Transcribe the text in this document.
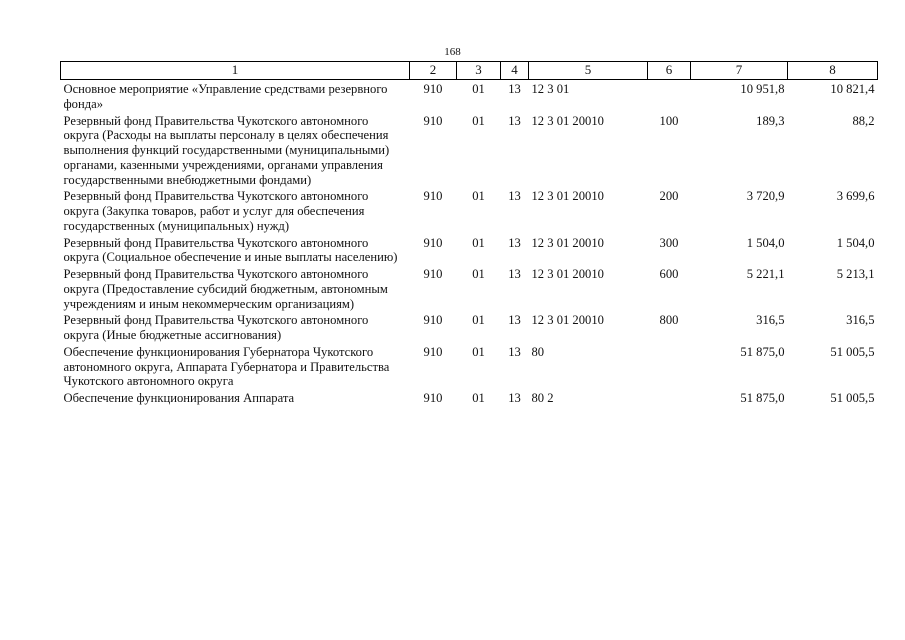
168
1	2	3	4	5	6	7	8
Основное мероприятие «Управление средствами резервного фонда»	910	01	13	12 3 01		10 951,8	10 821,4
Резервный фонд Правительства Чукотского автономного округа (Расходы на выплаты персоналу в целях обеспечения выполнения функций государственными (муниципальными) органами, казенными учреждениями, органами управления государственными внебюджетными фондами)	910	01	13	12 3 01 20010	100	189,3	88,2
Резервный фонд Правительства Чукотского автономного округа (Закупка товаров, работ и услуг для обеспечения государственных (муниципальных) нужд)	910	01	13	12 3 01 20010	200	3 720,9	3 699,6
Резервный фонд Правительства Чукотского автономного округа (Социальное обеспечение и иные выплаты населению)	910	01	13	12 3 01 20010	300	1 504,0	1 504,0
Резервный фонд Правительства Чукотского автономного округа (Предоставление субсидий бюджетным, автономным учреждениям и иным некоммерческим организациям)	910	01	13	12 3 01 20010	600	5 221,1	5 213,1
Резервный фонд Правительства Чукотского автономного округа (Иные бюджетные ассигнования)	910	01	13	12 3 01 20010	800	316,5	316,5
Обеспечение функционирования Губернатора Чукотского автономного округа, Аппарата Губернатора и Правительства Чукотского автономного округа	910	01	13	80		51 875,0	51 005,5
Обеспечение функционирования Аппарата	910	01	13	80 2		51 875,0	51 005,5
